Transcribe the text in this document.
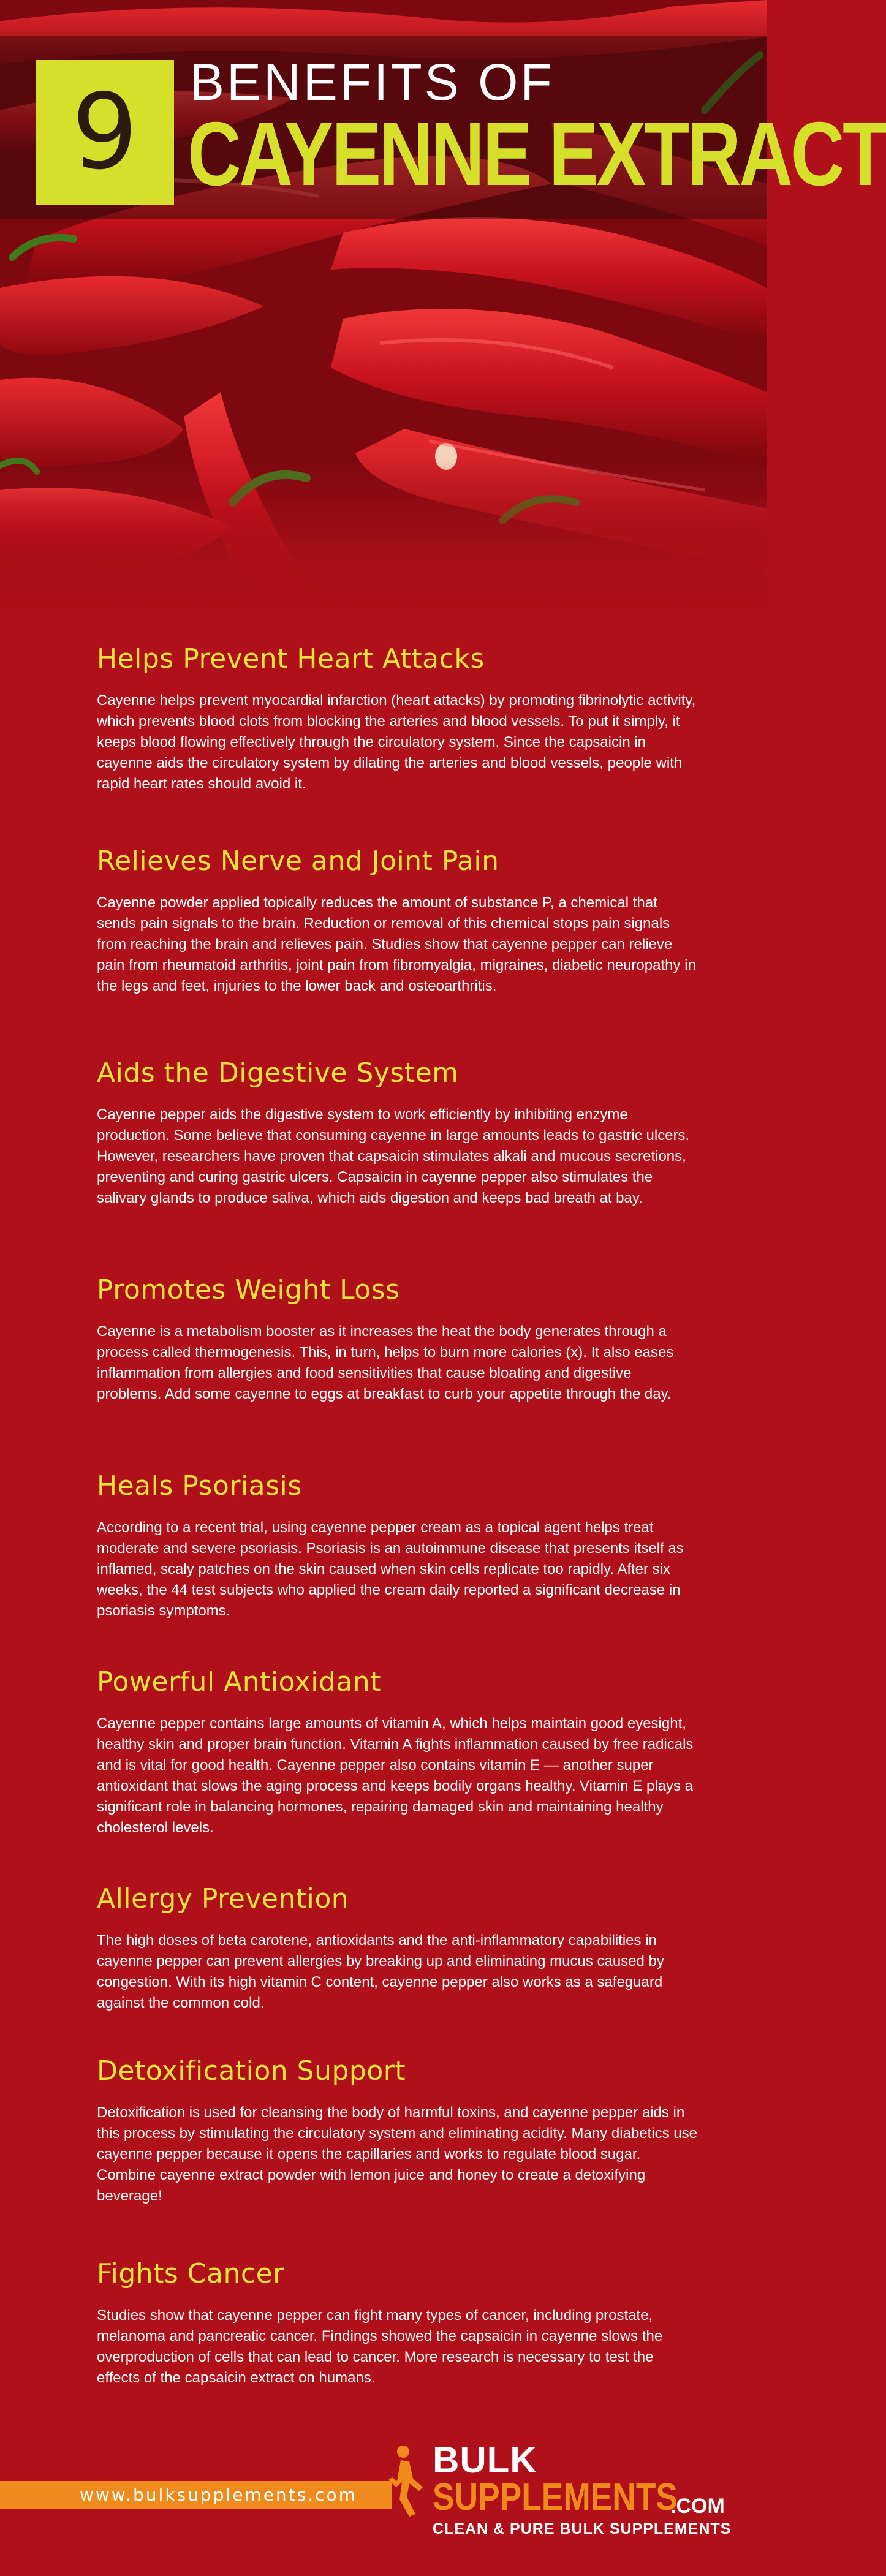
9 BENEFITS OF
CAYENNE EXTRACT
Helps Prevent Heart Attacks

Cayenne helps prevent myocardial infarction (heart attacks) by promoting fibrinolytic activity, which prevents blood clots from blocking the arteries and blood vessels. To put it simply, it keeps blood flowing effectively through the circulatory system. Since the capsaicin in cayenne aids the circulatory system by dilating the arteries and blood vessels, people with rapid heart rates should avoid it.

Relieves Nerve and Joint Pain

Cayenne powder applied topically reduces the amount of substance P, a chemical that sends pain signals to the brain. Reduction or removal of this chemical stops pain signals from reaching the brain and relieves pain. Studies show that cayenne pepper can relieve pain from rheumatoid arthritis, joint pain from fibromyalgia, migraines, diabetic neuropathy in the legs and feet, injuries to the lower back and osteoarthritis.

Aids the Digestive System

Cayenne pepper aids the digestive system to work efficiently by inhibiting enzyme production. Some believe that consuming cayenne in large amounts leads to gastric ulcers. However, researchers have proven that capsaicin stimulates alkali and mucous secretions, preventing and curing gastric ulcers. Capsaicin in cayenne pepper also stimulates the salivary glands to produce saliva, which aids digestion and keeps bad breath at bay.

Promotes Weight Loss

Cayenne is a metabolism booster as it increases the heat the body generates through a process called thermogenesis. This, in turn, helps to burn more calories (x). It also eases inflammation from allergies and food sensitivities that cause bloating and digestive problems. Add some cayenne to eggs at breakfast to curb your appetite through the day.

Heals Psoriasis

According to a recent trial, using cayenne pepper cream as a topical agent helps treat moderate and severe psoriasis. Psoriasis is an autoimmune disease that presents itself as inflamed, scaly patches on the skin caused when skin cells replicate too rapidly. After six weeks, the 44 test subjects who applied the cream daily reported a significant decrease in psoriasis symptoms.

Powerful Antioxidant

Cayenne pepper contains large amounts of vitamin A, which helps maintain good eyesight, healthy skin and proper brain function. Vitamin A fights inflammation caused by free radicals and is vital for good health. Cayenne pepper also contains vitamin E — another super antioxidant that slows the aging process and keeps bodily organs healthy. Vitamin E plays a significant role in balancing hormones, repairing damaged skin and maintaining healthy cholesterol levels.

Allergy Prevention

The high doses of beta carotene, antioxidants and the anti-inflammatory capabilities in cayenne pepper can prevent allergies by breaking up and eliminating mucus caused by congestion. With its high vitamin C content, cayenne pepper also works as a safeguard against the common cold.

Detoxification Support

Detoxification is used for cleansing the body of harmful toxins, and cayenne pepper aids in this process by stimulating the circulatory system and eliminating acidity. Many diabetics use cayenne pepper because it opens the capillaries and works to regulate blood sugar. Combine cayenne extract powder with lemon juice and honey to create a detoxifying beverage!

Fights Cancer

Studies show that cayenne pepper can fight many types of cancer, including prostate, melanoma and pancreatic cancer. Findings showed the capsaicin in cayenne slows the overproduction of cells that can lead to cancer. More research is necessary to test the effects of the capsaicin extract on humans.

www.bulksupplements.com
BULK
SUPPLEMENTS
.COM
CLEAN & PURE BULK SUPPLEMENTS
